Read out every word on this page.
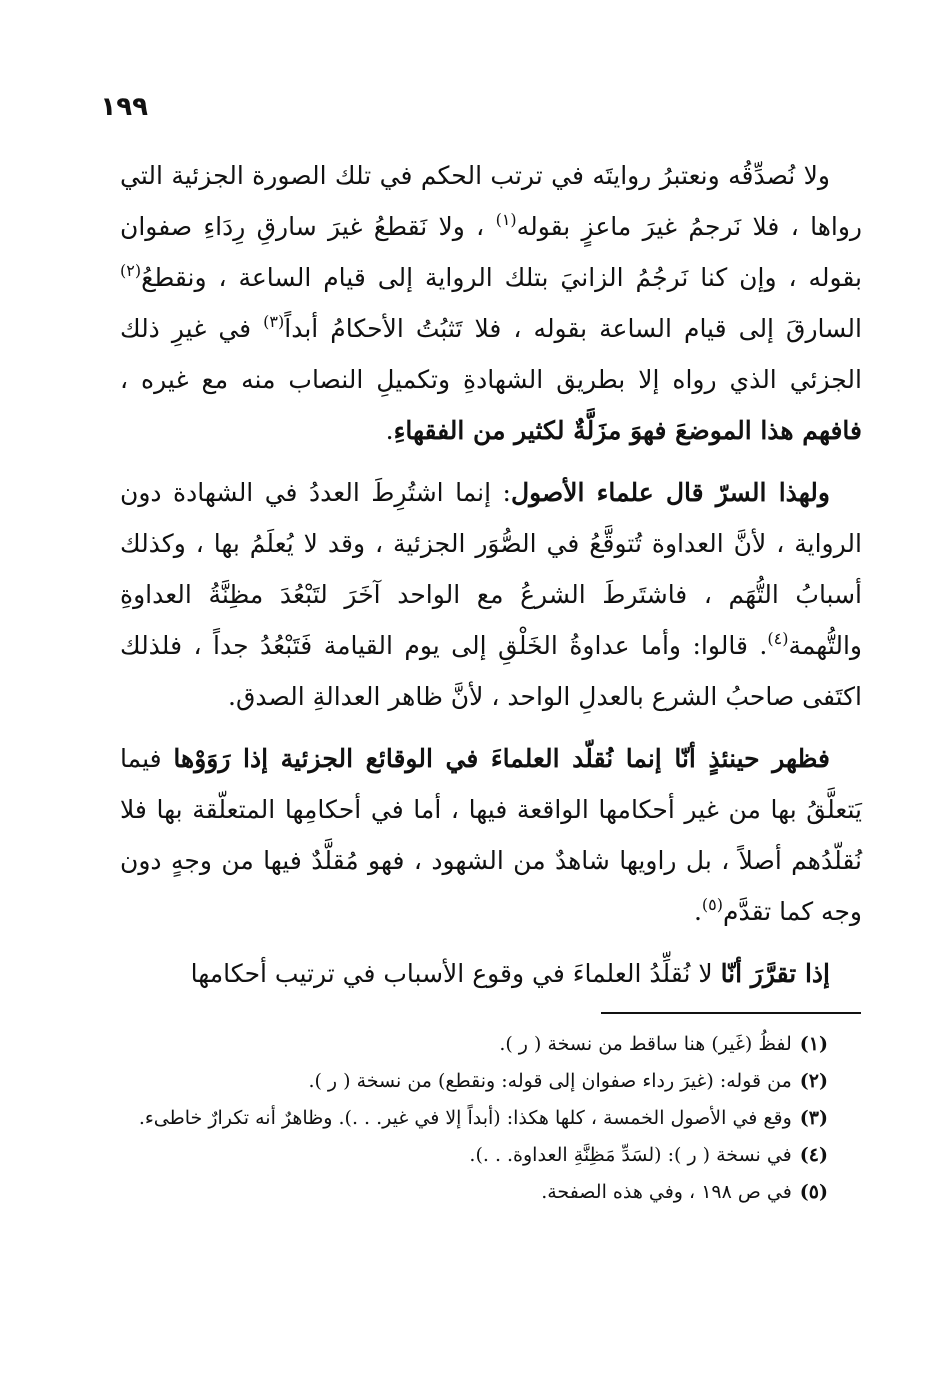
١٩٩

ولا نُصدِّقُه ونعتبرُ روايتَه في ترتب الحكم في تلك الصورة الجزئية التي رواها ، فلا نَرجمُ غيرَ ماعزٍ بقوله$^{(١)}$ ، ولا نَقطعُ غيرَ سارقِ رِدَاءِ صفوان بقوله ، وإن كنا نَرجُمُ الزانيَ بتلك الرواية إلى قيام الساعة ، ونقطعُ$^{(٢)}$ السارقَ إلى قيام الساعة بقوله ، فلا تَثبُتُ الأحكامُ أبداً$^{(٣)}$ في غيرِ ذلك الجزئي الذي رواه إلا بطريق الشهادةِ وتكميلِ النصاب منه مع غيره ، فافهم هذا الموضعَ فهوَ مزَلَّةٌ لكثير من الفقهاءِ.

ولهذا السرّ قال علماء الأصول: إنما اشتُرِطَ العددُ في الشهادة دون الرواية ، لأنَّ العداوة تُتوقَّعُ في الصُّوَر الجزئية ، وقد لا يُعلَمُ بها ، وكذلك أسبابُ التُّهَم ، فاشتَرطَ الشرعُ مع الواحد آخَرَ لتَبْعُدَ مظِنَّةُ العداوةِ والتُّهمة$^{(٤)}$. قالوا: وأما عداوةُ الخَلْقِ إلى يوم القيامة فَتَبْعُدُ جداً ، فلذلك اكتَفى صاحبُ الشرع بالعدلِ الواحد ، لأنَّ ظاهر العدالةِ الصدق.

فظهر حينئذٍ أنّا إنما نُقلّد العلماءَ في الوقائع الجزئية إذا رَوَوْها فيما يَتعلَّقُ بها من غير أحكامها الواقعة فيها ، أما في أحكامِها المتعلّقة بها فلا نُقلّدُهم أصلاً ، بل راويها شاهدٌ من الشهود ، فهو مُقلَّدٌ فيها من وجهٍ دون وجه كما تقدَّم$^{(٥)}$.

إذا تقرَّرَ أنّا لا نُقلِّدُ العلماءَ في وقوع الأسباب في ترتيب أحكامها

(١)لفظُ (غَير) هنا ساقط من نسخة ( ر ).

(٢)من قوله: (غيرَ رداء صفوان إلى قوله: ونقطع) من نسخة ( ر ).

(٣)وقع في الأصول الخمسة ، كلها هكذا: (أبداً إلا في غير. . .). وظاهرٌ أنه تكرارٌ خاطىء.

(٤)في نسخة ( ر ): (لسَدِّ مَظِنَّةِ العداوة. . .).

(٥)في ص ١٩٨ ، وفي هذه الصفحة.
